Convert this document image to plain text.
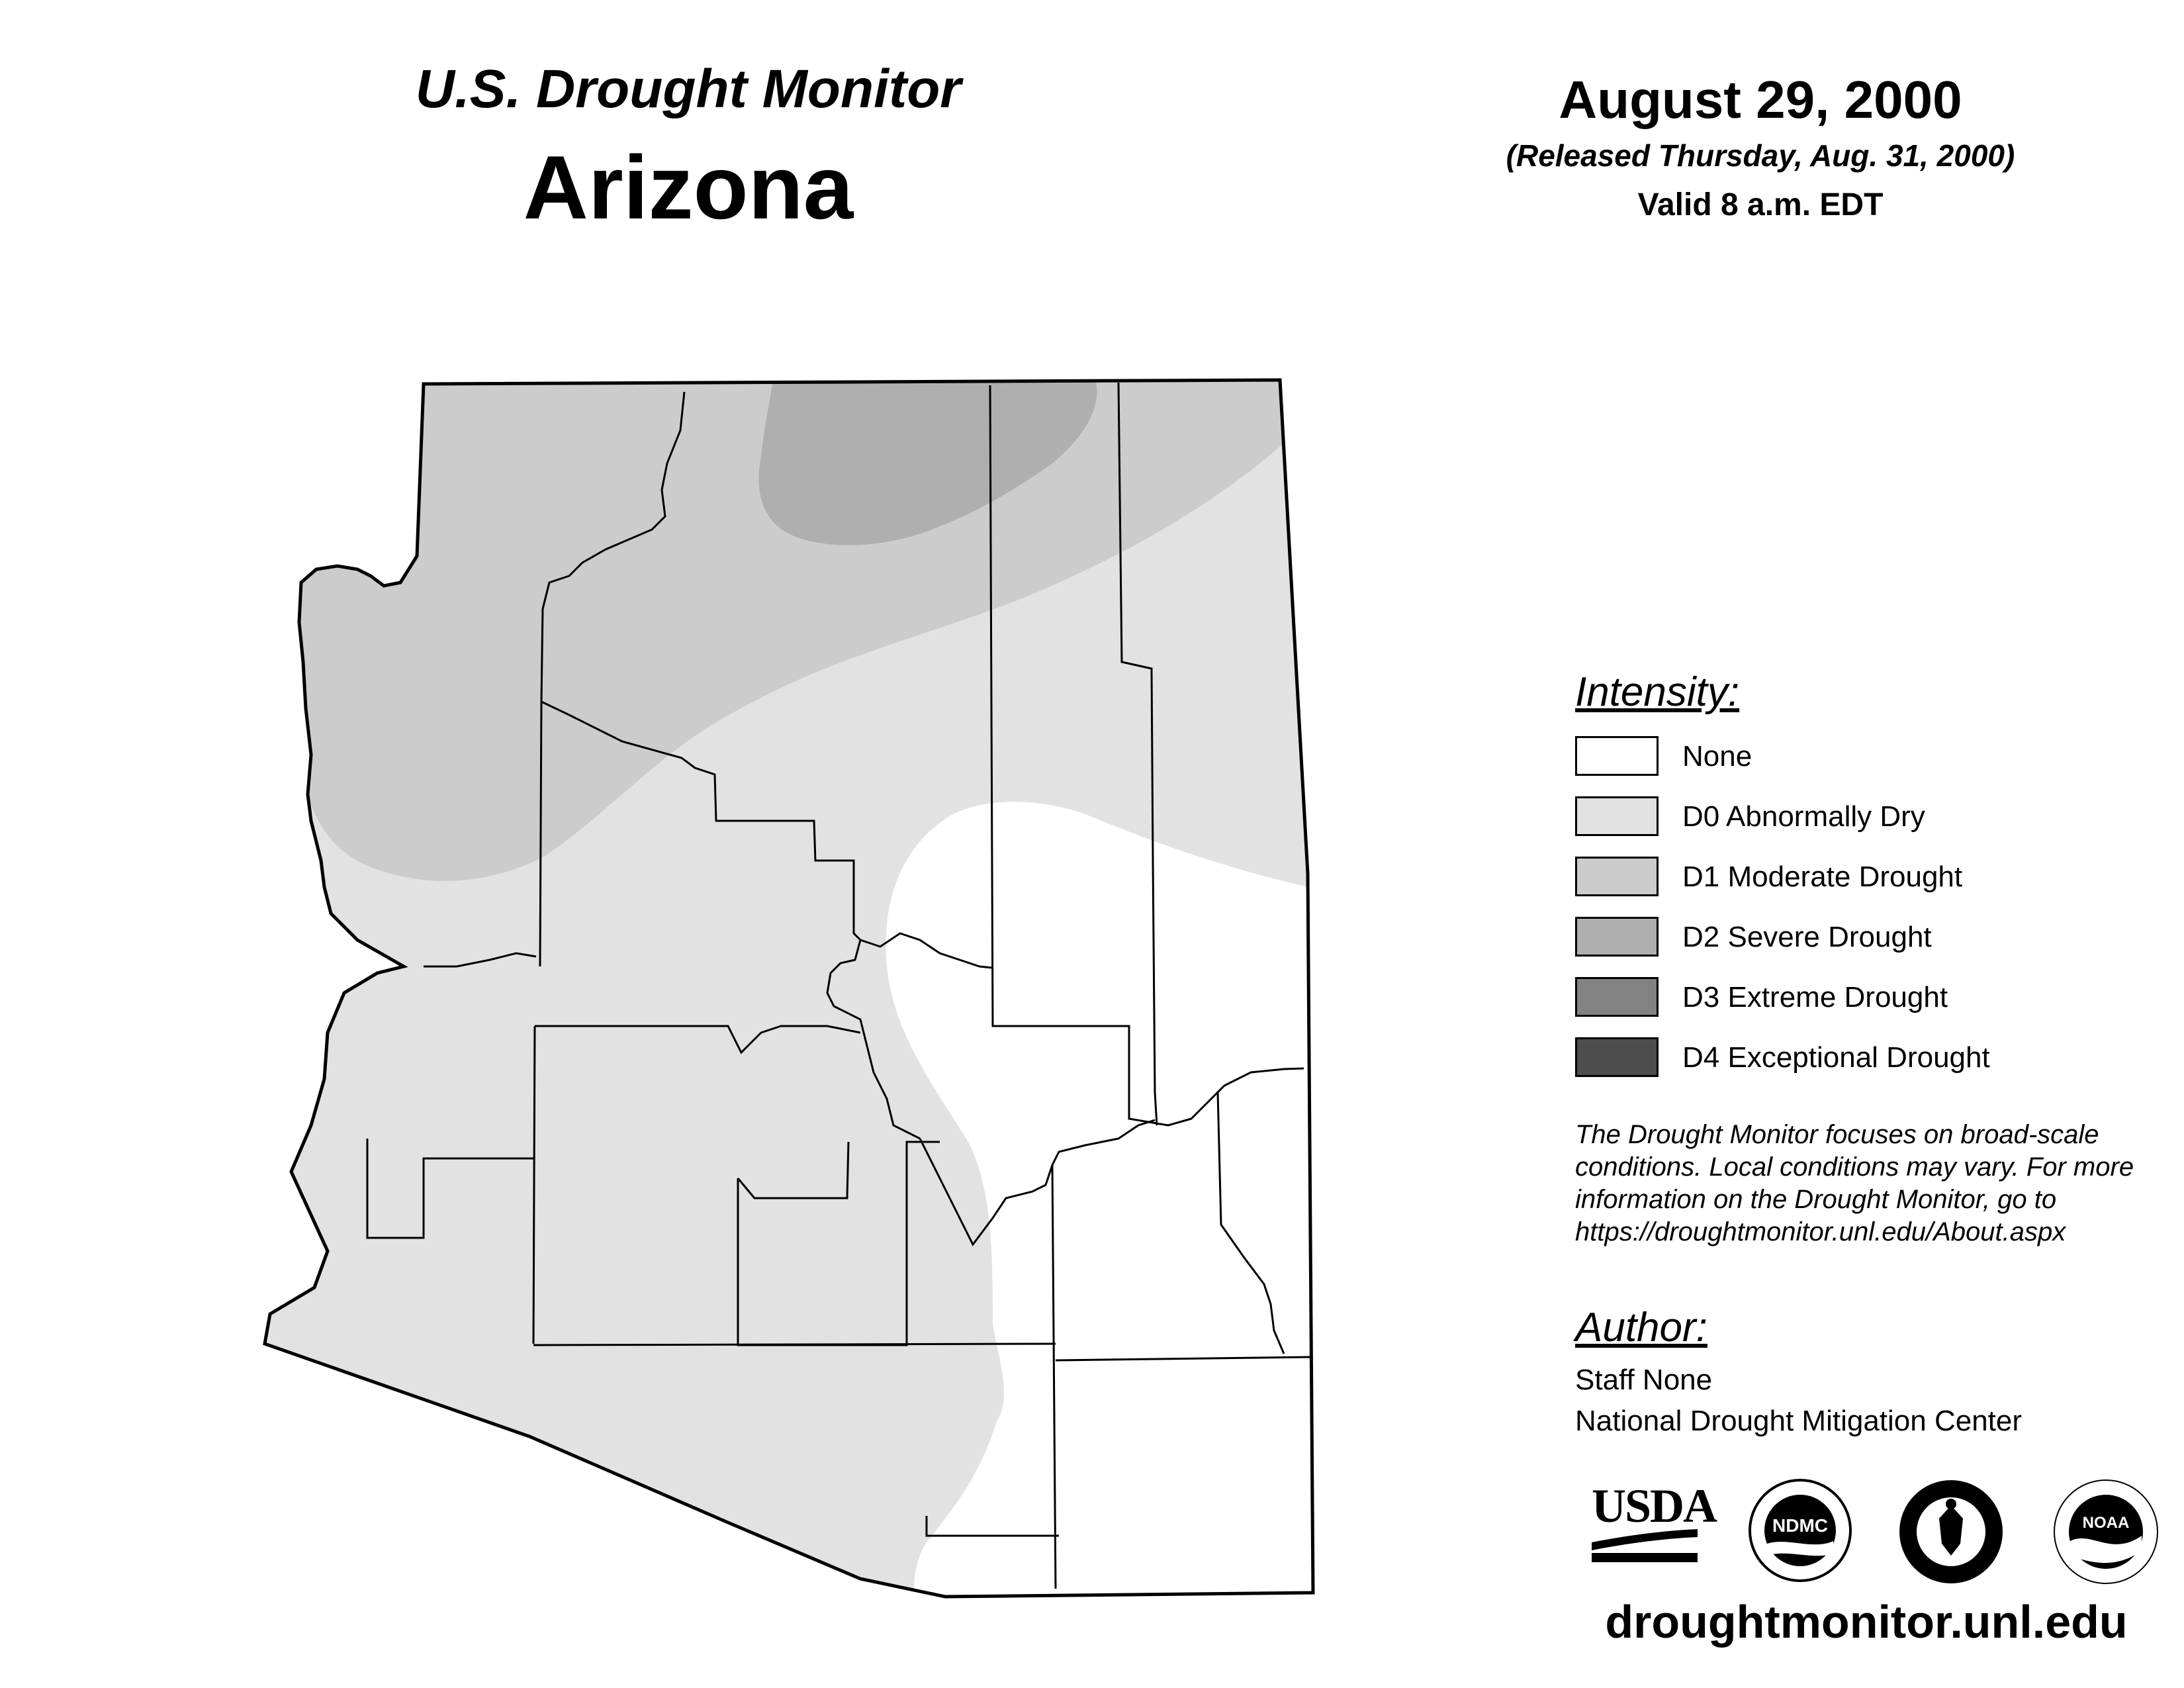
U.S. Drought Monitor
Arizona
August 29, 2000
(Released Thursday, Aug. 31, 2000)
Valid 8 a.m. EDT
Intensity:
None
D0 Abnormally Dry
D1 Moderate Drought
D2 Severe Drought
D3 Extreme Drought
D4 Exceptional Drought
The Drought Monitor focuses on broad-scale conditions. Local conditions may vary. For more information on the Drought Monitor, go to https://droughtmonitor.unl.edu/About.aspx
Author:
Staff None
National Drought Mitigation Center
USDA	NDMC	NOAA
droughtmonitor.unl.edu
